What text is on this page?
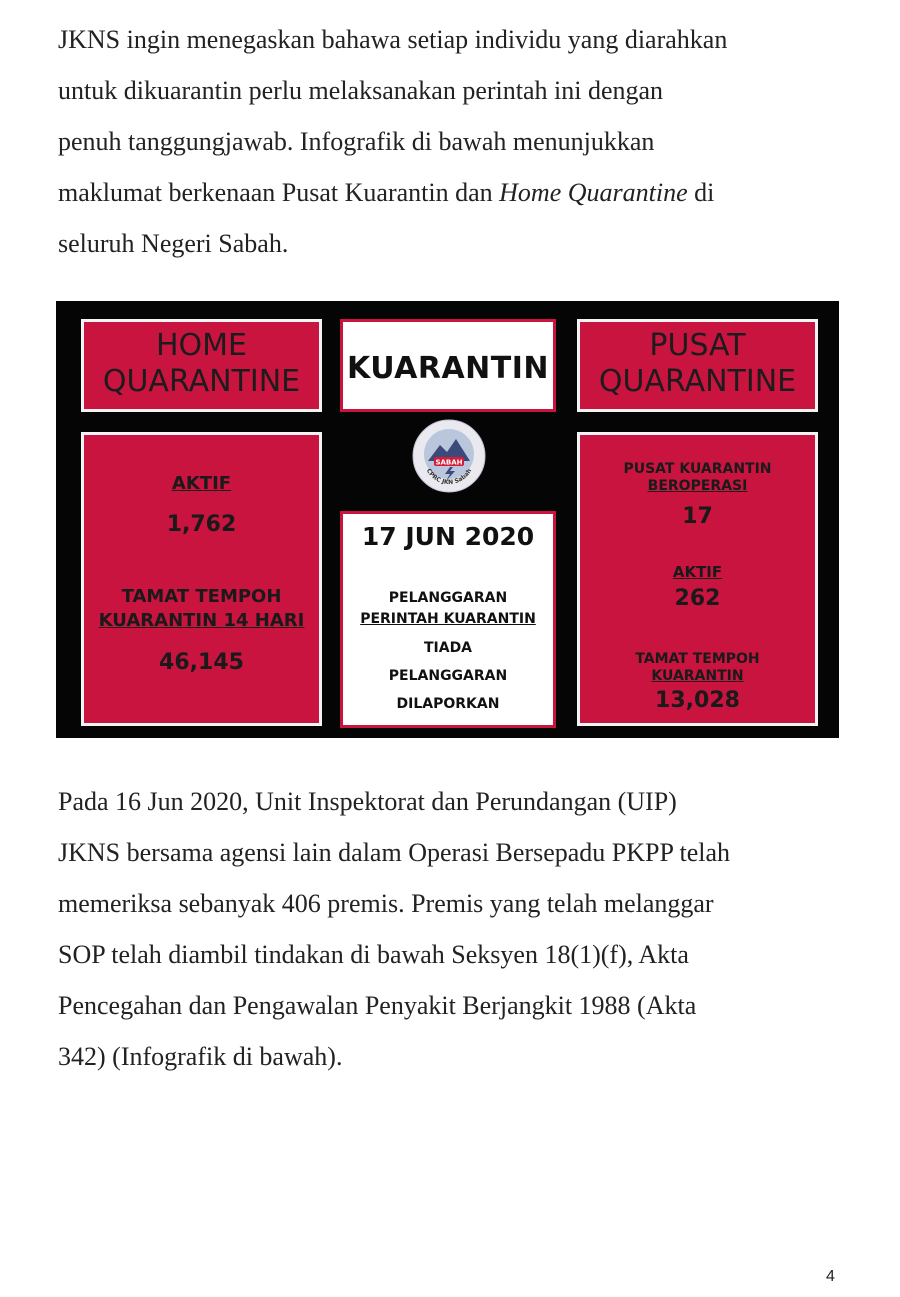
JKNS ingin menegaskan bahawa setiap individu yang diarahkan
untuk dikuarantin perlu melaksanakan perintah ini dengan
penuh tanggungjawab. Infografik di bawah menunjukkan
maklumat berkenaan Pusat Kuarantin dan Home Quarantine di
seluruh Negeri Sabah.
HOME
QUARANTINE	KUARANTIN
PUSAT
QUARANTINE
AKTIF
1,762
TAMAT TEMPOH
KUARANTIN 14 HARI
46,145
SABAH
CPRC JKN Sabah
17 JUN 2020
PELANGGARAN
PERINTAH KUARANTIN
TIADA
PELANGGARAN
DILAPORKAN
PUSAT KUARANTIN
BEROPERASI
17
AKTIF
262
TAMAT TEMPOH
KUARANTIN
13,028
Pada 16 Jun 2020, Unit Inspektorat dan Perundangan (UIP)
JKNS bersama agensi lain dalam Operasi Bersepadu PKPP telah
memeriksa sebanyak 406 premis. Premis yang telah melanggar
SOP telah diambil tindakan di bawah Seksyen 18(1)(f), Akta
Pencegahan dan Pengawalan Penyakit Berjangkit 1988 (Akta
342) (Infografik di bawah).
4
